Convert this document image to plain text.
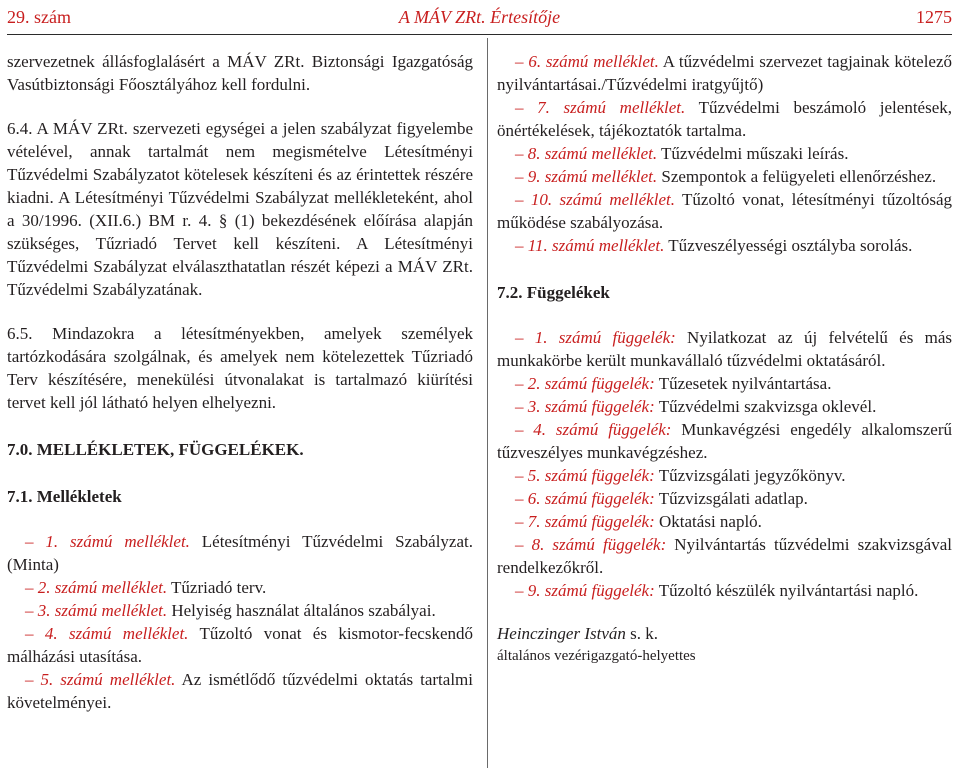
29. szám	A MÁV ZRt. Értesítője	1275

szervezetnek állásfoglalásért a MÁV ZRt. Biztonsági Igazgatóság Vasútbiztonsági Főosztályához kell fordulni.

6.4. A MÁV ZRt. szervezeti egységei a jelen szabályzat figyelembe vételével, annak tartalmát nem megismételve Létesítményi Tűzvédelmi Szabályzatot kötelesek készíteni és az érintettek részére kiadni. A Létesítményi Tűzvédelmi Szabályzat mellékleteként, ahol a 30/1996. (XII.6.) BM r. 4. § (1) bekezdésének előírása alapján szükséges, Tűzriadó Tervet kell készíteni. A Létesítményi Tűzvédelmi Szabályzat elválaszthatatlan részét képezi a MÁV ZRt. Tűzvédelmi Szabályzatának.

6.5. Mindazokra a létesítményekben, amelyek személyek tartózkodására szolgálnak, és amelyek nem kötelezettek Tűzriadó Terv készítésére, menekülési útvonalakat is tartalmazó kiürítési tervet kell jól látható helyen elhelyezni.

7.0. MELLÉKLETEK, FÜGGELÉKEK.
7.1. Mellékletek

– 1. számú melléklet. Létesítményi Tűzvédelmi Szabályzat. (Minta)

– 2. számú melléklet. Tűzriadó terv.

– 3. számú melléklet. Helyiség használat általános szabályai.

– 4. számú melléklet. Tűzoltó vonat és kismotor-fecskendő málházási utasítása.

– 5. számú melléklet. Az ismétlődő tűzvédelmi oktatás tartalmi követelményei.

– 6. számú melléklet. A tűzvédelmi szervezet tagjainak kötelező nyilvántartásai./Tűzvédelmi iratgyűjtő)

– 7. számú melléklet. Tűzvédelmi beszámoló jelentések, önértékelések, tájékoztatók tartalma.

– 8. számú melléklet. Tűzvédelmi műszaki leírás.

– 9. számú melléklet. Szempontok a felügyeleti ellenőrzéshez.

– 10. számú melléklet. Tűzoltó vonat, létesítményi tűzoltóság működése szabályozása.

– 11. számú melléklet. Tűzveszélyességi osztályba sorolás.

7.2. Függelékek

– 1. számú függelék: Nyilatkozat az új felvételű és más munkakörbe került munkavállaló tűzvédelmi oktatásáról.

– 2. számú függelék: Tűzesetek nyilvántartása.

– 3. számú függelék: Tűzvédelmi szakvizsga oklevél.

– 4. számú függelék: Munkavégzési engedély alkalomszerű tűzveszélyes munkavégzéshez.

– 5. számú függelék: Tűzvizsgálati jegyzőkönyv.

– 6. számú függelék: Tűzvizsgálati adatlap.

– 7. számú függelék: Oktatási napló.

– 8. számú függelék: Nyilvántartás tűzvédelmi szakvizsgával rendelkezőkről.

– 9. számú függelék: Tűzoltó készülék nyilvántartási napló.

Heinczinger István s. k.

általános vezérigazgató-helyettes
